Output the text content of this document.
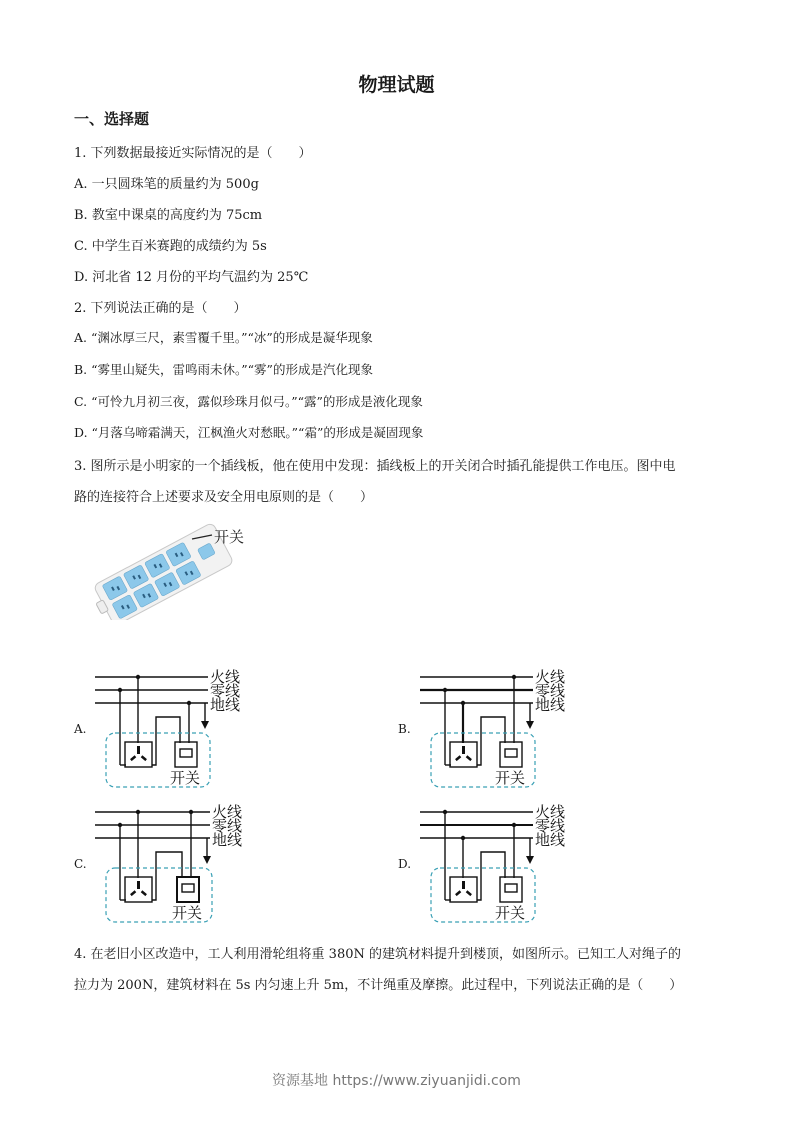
物理试题
一、选择题
1. 下列数据最接近实际情况的是（　　）
A. 一只圆珠笔的质量约为 500g
B. 教室中课桌的高度约为 75cm
C. 中学生百米赛跑的成绩约为 5s
D. 河北省 12 月份的平均气温约为 25℃
2. 下列说法正确的是（　　）
A. “渊冰厚三尺，素雪覆千里。”“冰”的形成是凝华现象
B. “雾里山疑失，雷鸣雨未休。”“雾”的形成是汽化现象
C. “可怜九月初三夜，露似珍珠月似弓。”“露”的形成是液化现象
D. “月落乌啼霜满天，江枫渔火对愁眠。”“霜”的形成是凝固现象
3. 图所示是小明家的一个插线板，他在使用中发现：插线板上的开关闭合时插孔能提供工作电压。图中电
路的连接符合上述要求及安全用电原则的是（　　）
开关
A.	B.
C.	D.
火线
零线
地线
开关
火线
零线
地线
开关
火线
零线
地线
开关
火线
零线
地线
开关
4. 在老旧小区改造中，工人利用滑轮组将重 380N 的建筑材料提升到楼顶，如图所示。已知工人对绳子的
拉力为 200N，建筑材料在 5s 内匀速上升 5m，不计绳重及摩擦。此过程中，下列说法正确的是（　　）
资源基地 https://www.ziyuanjidi.com
